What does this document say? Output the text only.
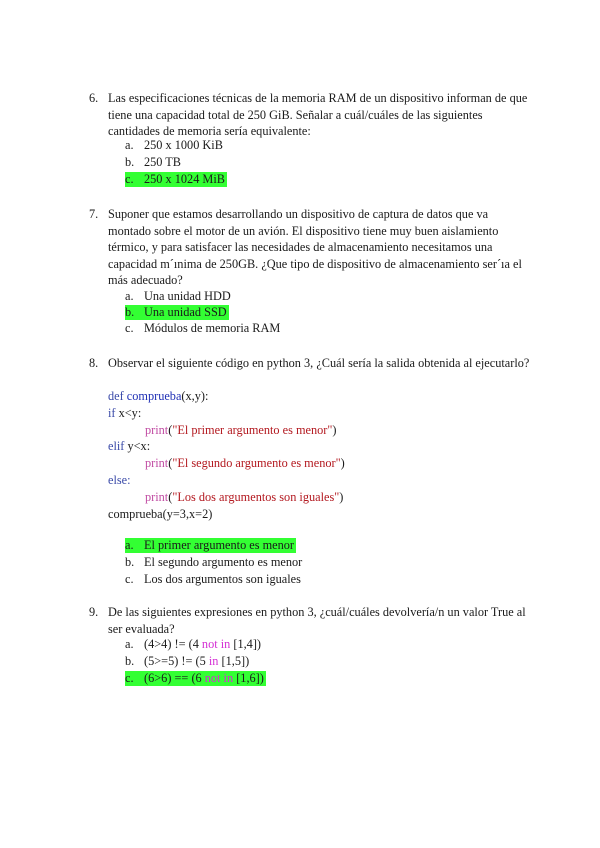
6. Las especificaciones técnicas de la memoria RAM de un dispositivo informan de que
tiene una capacidad total de 250 GiB. Señalar a cuál/cuáles de las siguientes
cantidades de memoria sería equivalente:
a. 250 x 1000 KiB
b. 250 TB
c. 250 x 1024 MiB
7. Suponer que estamos desarrollando un dispositivo de captura de datos que va
montado sobre el motor de un avión. El dispositivo tiene muy buen aislamiento
térmico, y para satisfacer las necesidades de almacenamiento necesitamos una
capacidad m´ınima de 250GB. ¿Que tipo de dispositivo de almacenamiento ser´ıa el
más adecuado?
a. Una unidad HDD
b. Una unidad SSD
c. Módulos de memoria RAM
8. Observar el siguiente código en python 3, ¿Cuál sería la salida obtenida al ejecutarlo?
def comprueba(x,y):
if x<y:
print("El primer argumento es menor")
elif y<x:
print("El segundo argumento es menor")
else:
print("Los dos argumentos son iguales")
comprueba(y=3,x=2)
a. El primer argumento es menor
b. El segundo argumento es menor
c. Los dos argumentos son iguales
9. De las siguientes expresiones en python 3, ¿cuál/cuáles devolvería/n un valor True al
ser evaluada?
a. (4>4) != (4 not in [1,4])
b. (5>=5) != (5 in [1,5])
c. (6>6) == (6 not in [1,6])
